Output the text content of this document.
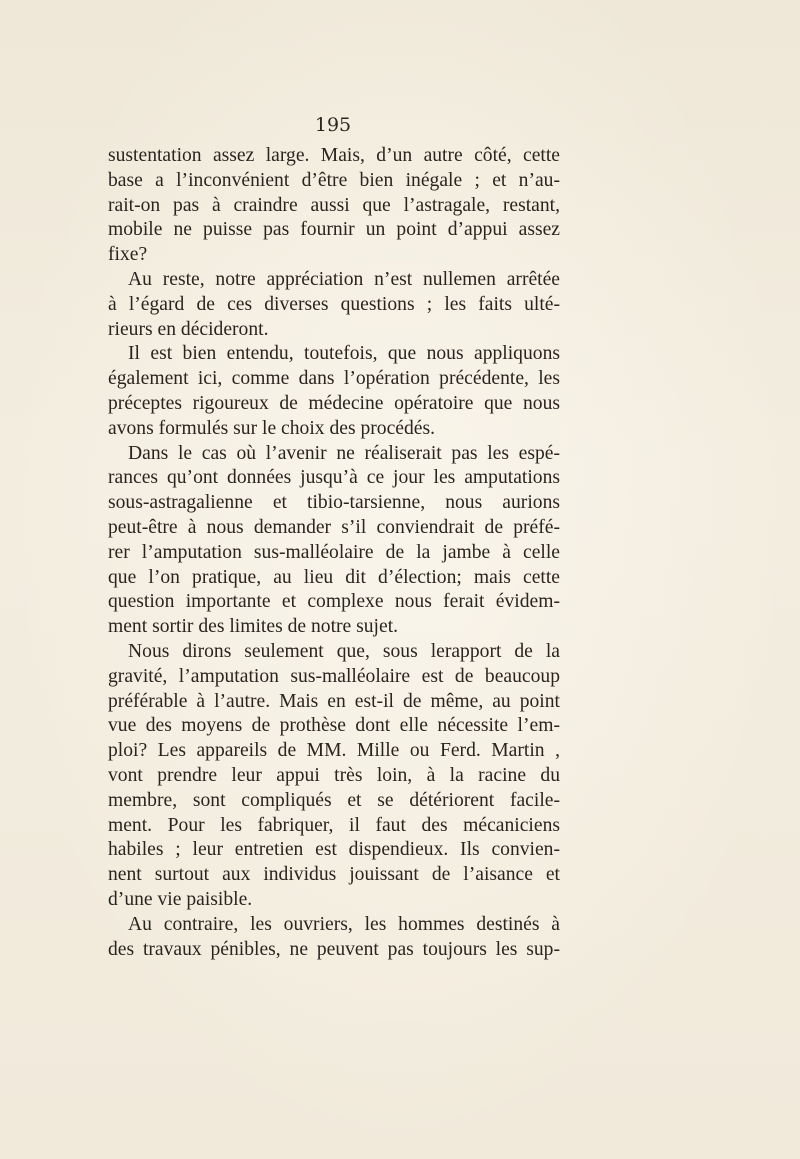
195
sustentation assez large. Mais, d’un autre côté, cette
base a l’inconvénient d’être bien inégale ; et n’au-
rait-on pas à craindre aussi que l’astragale, restant,
mobile ne puisse pas fournir un point d’appui assez
fixe?
Au reste, notre appréciation n’est nullemen arrêtée
à l’égard de ces diverses questions ; les faits ulté-
rieurs en décideront.
Il est bien entendu, toutefois, que nous appliquons
également ici, comme dans l’opération précédente, les
préceptes rigoureux de médecine opératoire que nous
avons formulés sur le choix des procédés.
Dans le cas où l’avenir ne réaliserait pas les espé-
rances qu’ont données jusqu’à ce jour les amputations
sous-astragalienne et tibio-tarsienne, nous aurions
peut-être à nous demander s’il conviendrait de préfé-
rer l’amputation sus-malléolaire de la jambe à celle
que l’on pratique, au lieu dit d’élection; mais cette
question importante et complexe nous ferait évidem-
ment sortir des limites de notre sujet.
Nous dirons seulement que, sous lerapport de la
gravité, l’amputation sus-malléolaire est de beaucoup
préférable à l’autre. Mais en est-il de même, au point
vue des moyens de prothèse dont elle nécessite l’em-
ploi? Les appareils de MM. Mille ou Ferd. Martin ,
vont prendre leur appui très loin, à la racine du
membre, sont compliqués et se détériorent facile-
ment. Pour les fabriquer, il faut des mécaniciens
habiles ; leur entretien est dispendieux. Ils convien-
nent surtout aux individus jouissant de l’aisance et
d’une vie paisible.
Au contraire, les ouvriers, les hommes destinés à
des travaux pénibles, ne peuvent pas toujours les sup-
